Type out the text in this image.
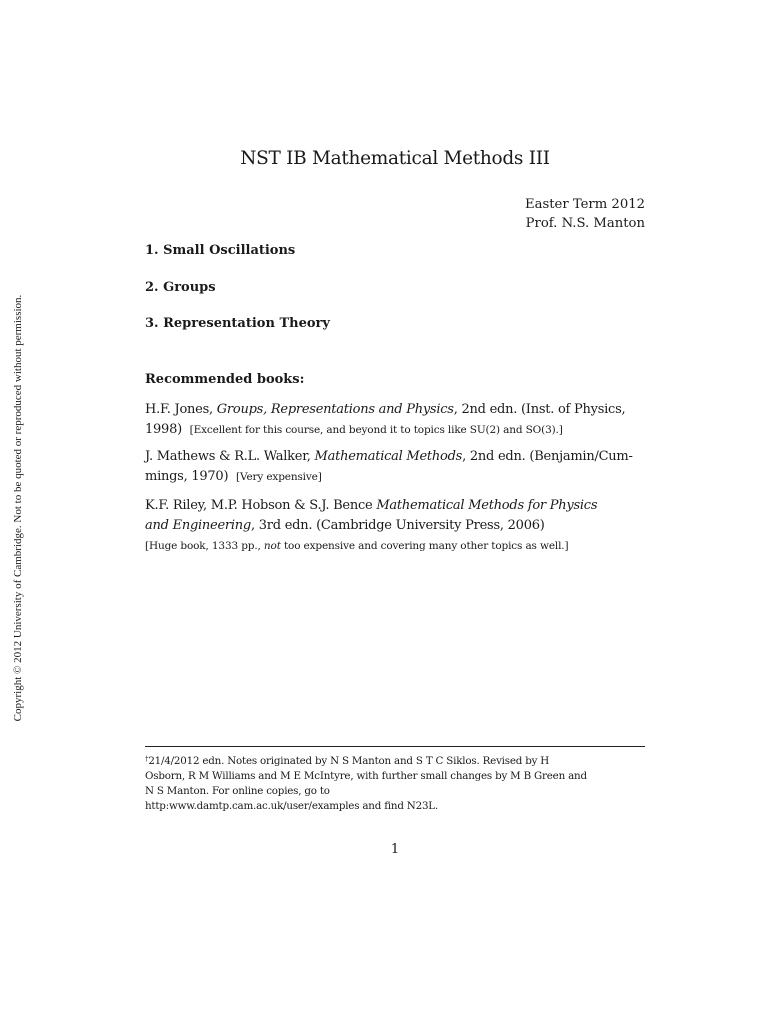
Copyright © 2012 University of Cambridge. Not to be quoted or reproduced without permission.
NST IB Mathematical Methods III
Easter Term 2012
Prof. N.S. Manton
1. Small Oscillations
2. Groups
3. Representation Theory
Recommended books:
H.F. Jones, Groups, Representations and Physics, 2nd edn. (Inst. of Physics,
1998) [Excellent for this course, and beyond it to topics like SU(2) and SO(3).]
J. Mathews & R.L. Walker, Mathematical Methods, 2nd edn. (Benjamin/Cum-
mings, 1970) [Very expensive]
K.F. Riley, M.P. Hobson & S.J. Bence Mathematical Methods for Physics
and Engineering, 3rd edn. (Cambridge University Press, 2006)
[Huge book, 1333 pp., not too expensive and covering many other topics as well.]
†21/4/2012 edn. Notes originated by N S Manton and S T C Siklos. Revised by H
Osborn, R M Williams and M E McIntyre, with further small changes by M B Green and
N S Manton. For online copies, go to
http:www.damtp.cam.ac.uk/user/examples and find N23L.
1
